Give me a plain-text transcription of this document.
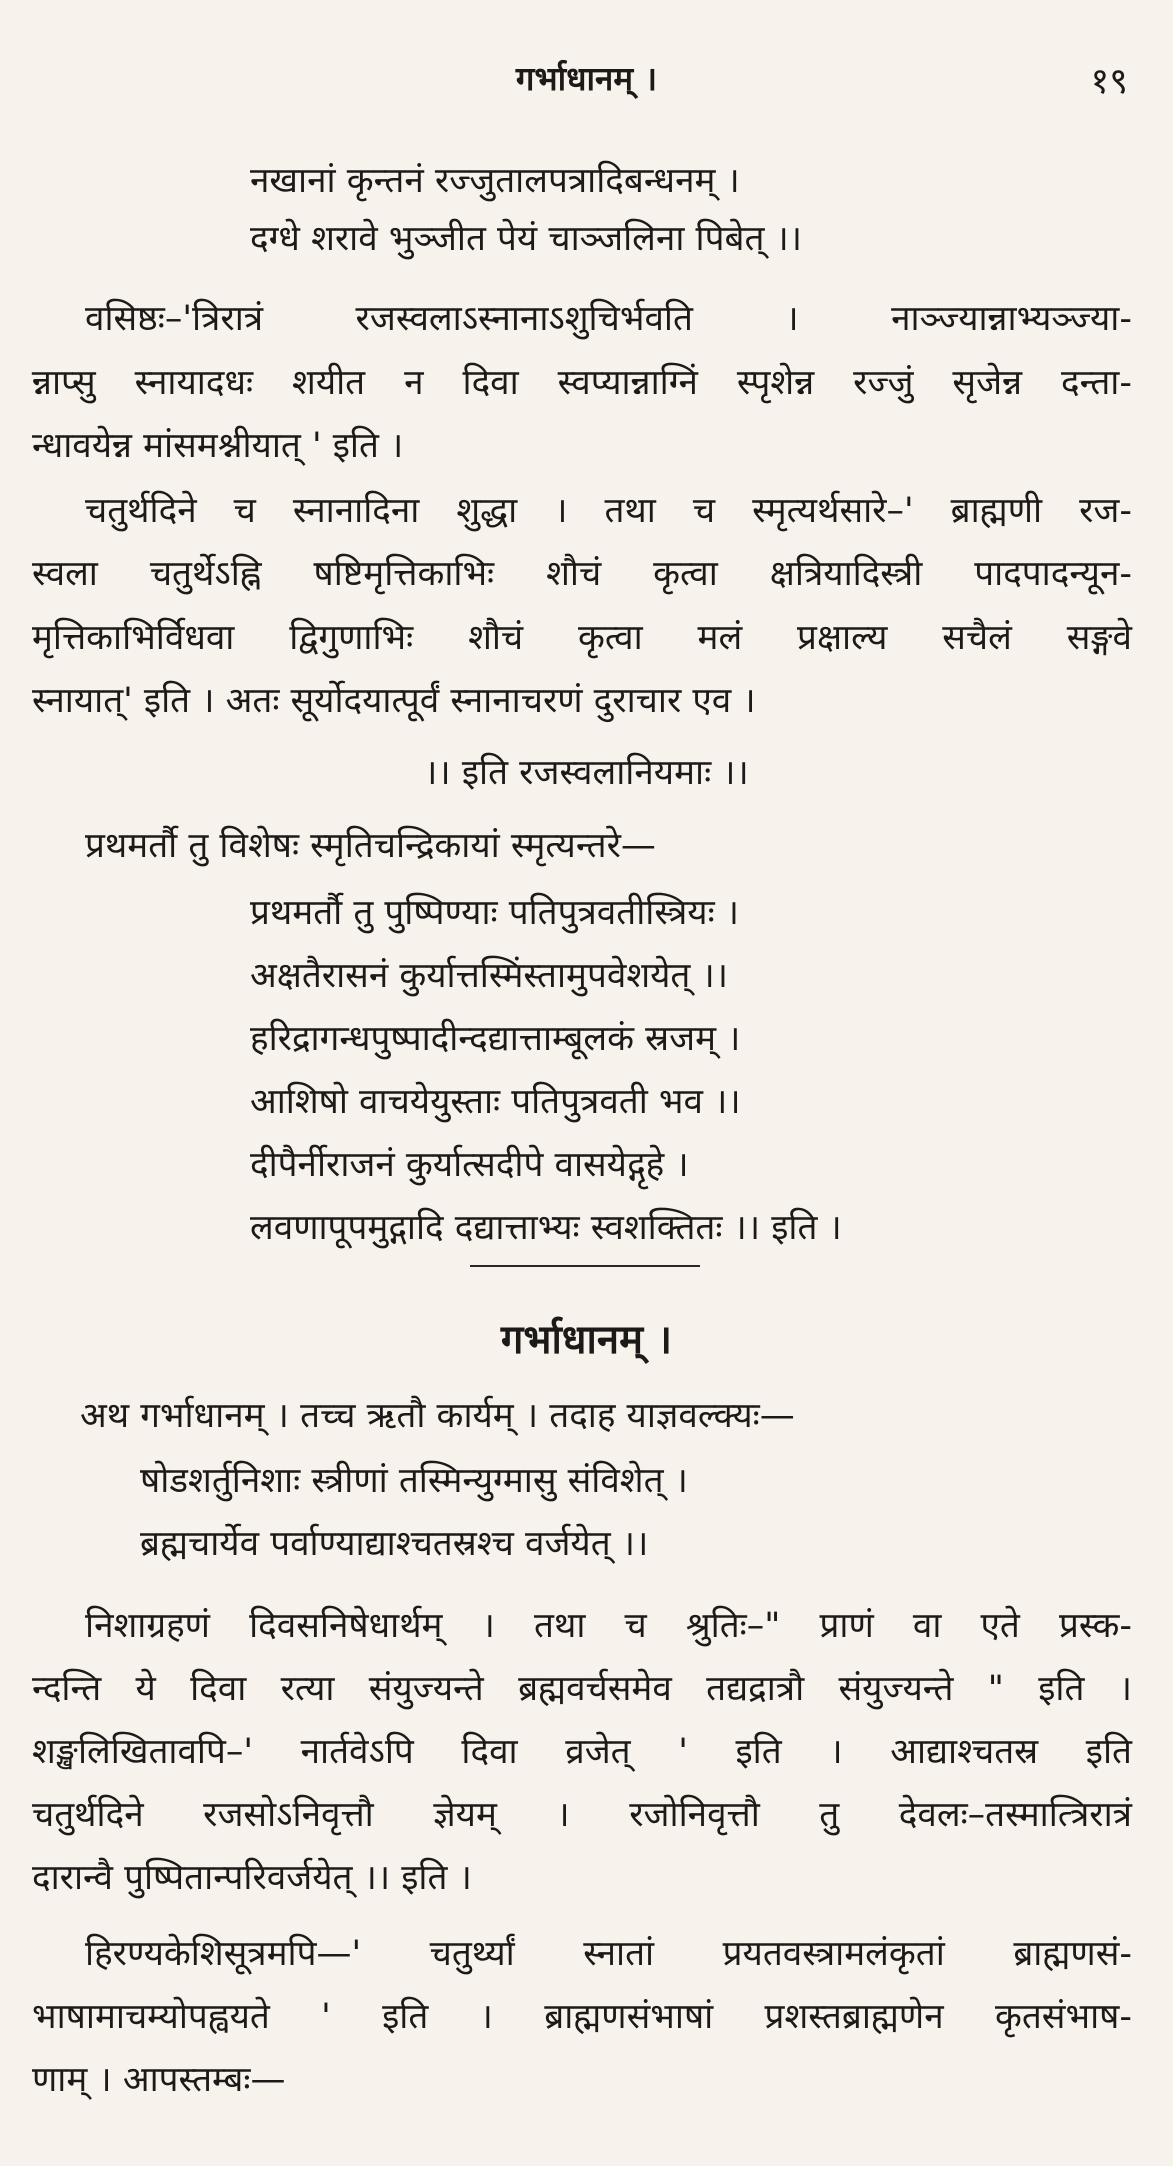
गर्भाधानम् ।	१९
नखानां कृन्तनं रज्जुतालपत्रादिबन्धनम् ।
दग्धे शरावे भुञ्जीत पेयं चाञ्जलिना पिबेत् ।।
वसिष्ठः–'त्रिरात्रं रजस्वलाऽस्नानाऽशुचिर्भवति । नाञ्ज्यान्नाभ्यञ्ज्या-
न्नाप्सु स्नायादधः शयीत न दिवा स्वप्यान्नाग्निं स्पृशेन्न रज्जुं सृजेन्न दन्ता-
न्धावयेन्न मांसमश्नीयात् ' इति ।
चतुर्थदिने च स्नानादिना शुद्धा । तथा च स्मृत्यर्थसारे–' ब्राह्मणी रज-
स्वला चतुर्थेऽह्नि षष्टिमृत्तिकाभिः शौचं कृत्वा क्षत्रियादिस्त्री पादपादन्यून-
मृत्तिकाभिर्विधवा द्विगुणाभिः शौचं कृत्वा मलं प्रक्षाल्य सचैलं सङ्गवे
स्नायात्' इति । अतः सूर्योदयात्पूर्वं स्नानाचरणं दुराचार एव ।
।। इति रजस्वलानियमाः ।।
प्रथमर्तौ तु विशेषः स्मृतिचन्द्रिकायां स्मृत्यन्तरे—
प्रथमर्तौ तु पुष्पिण्याः पतिपुत्रवतीस्त्रियः ।
अक्षतैरासनं कुर्यात्तस्मिंस्तामुपवेशयेत् ।।
हरिद्रागन्धपुष्पादीन्दद्यात्ताम्बूलकं स्रजम् ।
आशिषो वाचयेयुस्ताः पतिपुत्रवती भव ।।
दीपैर्नीराजनं कुर्यात्सदीपे वासयेद्गृहे ।
लवणापूपमुद्गादि दद्यात्ताभ्यः स्वशक्तितः ।। इति ।
गर्भाधानम् ।
अथ गर्भाधानम् । तच्च ऋतौ कार्यम् । तदाह याज्ञवल्क्यः—
षोडशर्तुनिशाः स्त्रीणां तस्मिन्युग्मासु संविशेत् ।
ब्रह्मचार्येव पर्वाण्याद्याश्चतस्रश्च वर्जयेत् ।।
निशाग्रहणं दिवसनिषेधार्थम् । तथा च श्रुतिः–" प्राणं वा एते प्रस्क-
न्दन्ति ये दिवा रत्या संयुज्यन्ते ब्रह्मवर्चसमेव तद्यद्रात्रौ संयुज्यन्ते " इति ।
शङ्खलिखितावपि–' नार्तवेऽपि दिवा व्रजेत् ' इति । आद्याश्चतस्र इति
चतुर्थदिने रजसोऽनिवृत्तौ ज्ञेयम् । रजोनिवृत्तौ तु देवलः–तस्मात्त्रिरात्रं
दारान्वै पुष्पितान्परिवर्जयेत् ।। इति ।
हिरण्यकेशिसूत्रमपि—' चतुर्थ्यां स्नातां प्रयतवस्त्रामलंकृतां ब्राह्मणसं-
भाषामाचम्योपह्वयते ' इति । ब्राह्मणसंभाषां प्रशस्तब्राह्मणेन कृतसंभाष-
णाम् । आपस्तम्बः—
